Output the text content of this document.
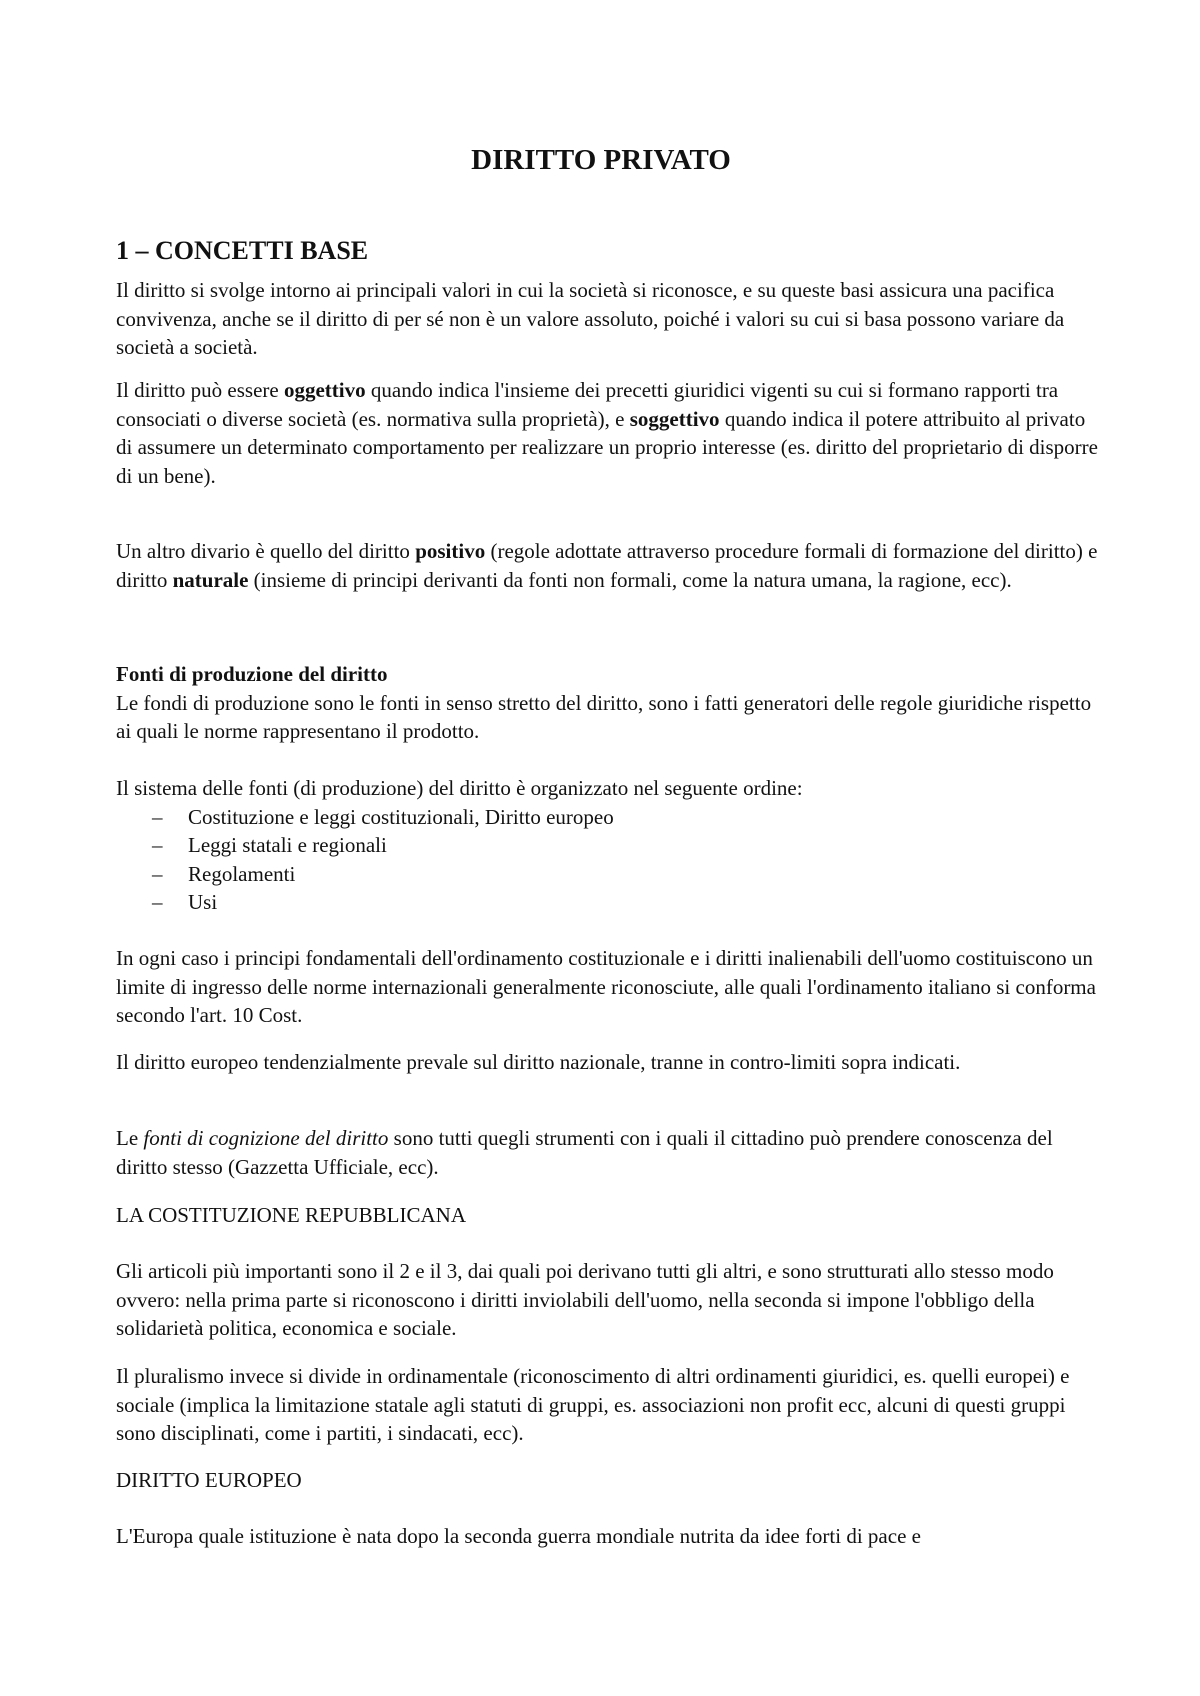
DIRITTO PRIVATO
1 – CONCETTI BASE

Il diritto si svolge intorno ai principali valori in cui la società si riconosce, e su queste basi assicura una pacifica convivenza, anche se il diritto di per sé non è un valore assoluto, poiché i valori su cui si basa possono variare da società a società.

Il diritto può essere oggettivo quando indica l'insieme dei precetti giuridici vigenti su cui si formano rapporti tra consociati o diverse società (es. normativa sulla proprietà), e soggettivo quando indica il potere attribuito al privato di assumere un determinato comportamento per realizzare un proprio interesse (es. diritto del proprietario di disporre di un bene).

Un altro divario è quello del diritto positivo (regole adottate attraverso procedure formali di formazione del diritto) e diritto naturale (insieme di principi derivanti da fonti non formali, come la natura umana, la ragione, ecc).

Fonti di produzione del diritto
Le fondi di produzione sono le fonti in senso stretto del diritto, sono i fatti generatori delle regole giuridiche rispetto ai quali le norme rappresentano il prodotto.
Il sistema delle fonti (di produzione) del diritto è organizzato nel seguente ordine:
– Costituzione e leggi costituzionali, Diritto europeo
– Leggi statali e regionali
– Regolamenti
– Usi

In ogni caso i principi fondamentali dell'ordinamento costituzionale e i diritti inalienabili dell'uomo costituiscono un limite di ingresso delle norme internazionali generalmente riconosciute, alle quali l'ordinamento italiano si conforma secondo l'art. 10 Cost.

Il diritto europeo tendenzialmente prevale sul diritto nazionale, tranne in contro-limiti sopra indicati.

Le fonti di cognizione del diritto sono tutti quegli strumenti con i quali il cittadino può prendere conoscenza del diritto stesso (Gazzetta Ufficiale, ecc).

LA COSTITUZIONE REPUBBLICANA

Gli articoli più importanti sono il 2 e il 3, dai quali poi derivano tutti gli altri, e sono strutturati allo stesso modo ovvero: nella prima parte si riconoscono i diritti inviolabili dell'uomo, nella seconda si impone l'obbligo della solidarietà politica, economica e sociale.

Il pluralismo invece si divide in ordinamentale (riconoscimento di altri ordinamenti giuridici, es. quelli europei) e sociale (implica la limitazione statale agli statuti di gruppi, es. associazioni non profit ecc, alcuni di questi gruppi sono disciplinati, come i partiti, i sindacati, ecc).

DIRITTO EUROPEO

L'Europa quale istituzione è nata dopo la seconda guerra mondiale nutrita da idee forti di pace e
